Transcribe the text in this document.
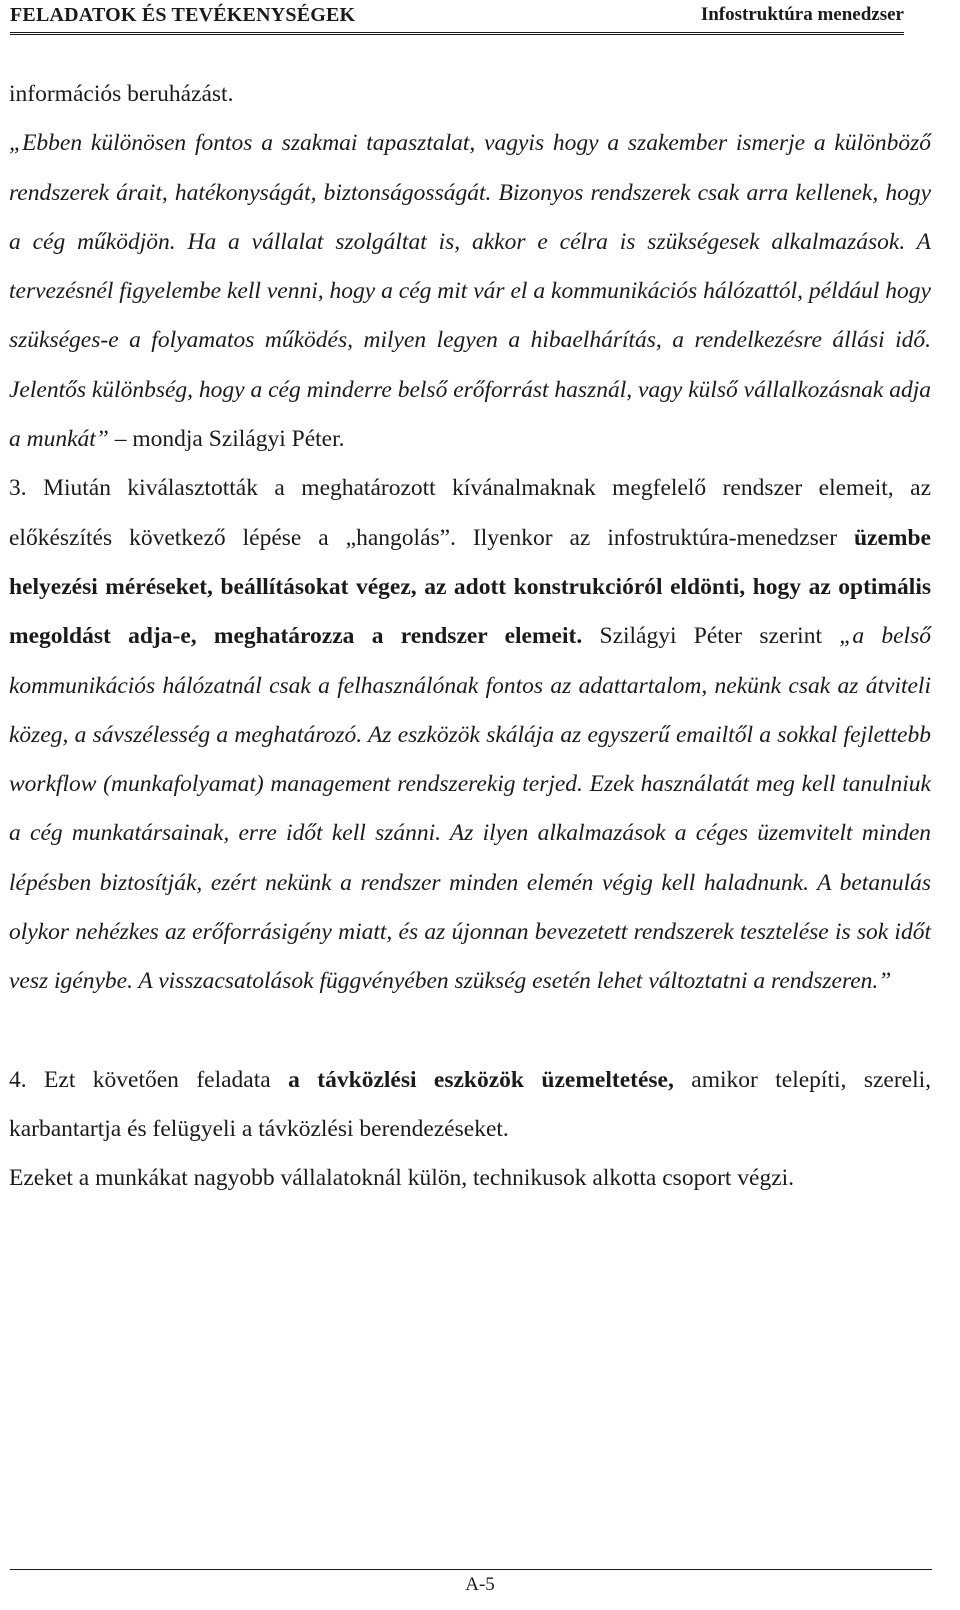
FELADATOK ÉS TEVÉKENYSÉGEK	Infostruktúra menedzser

információs beruházást.

„Ebben különösen fontos a szakmai tapasztalat, vagyis hogy a szakember ismerje a különböző rendszerek árait, hatékonyságát, biztonságosságát. Bizonyos rendszerek csak arra kellenek, hogy a cég működjön. Ha a vállalat szolgáltat is, akkor e célra is szükségesek alkalmazások. A tervezésnél figyelembe kell venni, hogy a cég mit vár el a kommunikációs hálózattól, például hogy szükséges-e a folyamatos működés, milyen legyen a hibaelhárítás, a rendelkezésre állási idő. Jelentős különbség, hogy a cég minderre belső erőforrást használ, vagy külső vállalkozásnak adja a munkát” – mondja Szilágyi Péter.

3. Miután kiválasztották a meghatározott kívánalmaknak megfelelő rendszer elemeit, az előkészítés következő lépése a „hangolás”. Ilyenkor az infostruktúra-menedzser üzembe helyezési méréseket, beállításokat végez, az adott konstrukcióról eldönti, hogy az optimális megoldást adja-e, meghatározza a rendszer elemeit. Szilágyi Péter szerint „a belső kommunikációs hálózatnál csak a felhasználónak fontos az adattartalom, nekünk csak az átviteli közeg, a sávszélesség a meghatározó. Az eszközök skálája az egyszerű emailtől a sokkal fejlettebb workflow (munkafolyamat) management rendszerekig terjed. Ezek használatát meg kell tanulniuk a cég munkatársainak, erre időt kell szánni. Az ilyen alkalmazások a céges üzemvitelt minden lépésben biztosítják, ezért nekünk a rendszer minden elemén végig kell haladnunk. A betanulás olykor nehézkes az erőforrásigény miatt, és az újonnan bevezetett rendszerek tesztelése is sok időt vesz igénybe. A visszacsatolások függvényében szükség esetén lehet változtatni a rendszeren.”

4. Ezt követően feladata a távközlési eszközök üzemeltetése, amikor telepíti, szereli, karbantartja és felügyeli a távközlési berendezéseket.

Ezeket a munkákat nagyobb vállalatoknál külön, technikusok alkotta csoport végzi.

A-5
